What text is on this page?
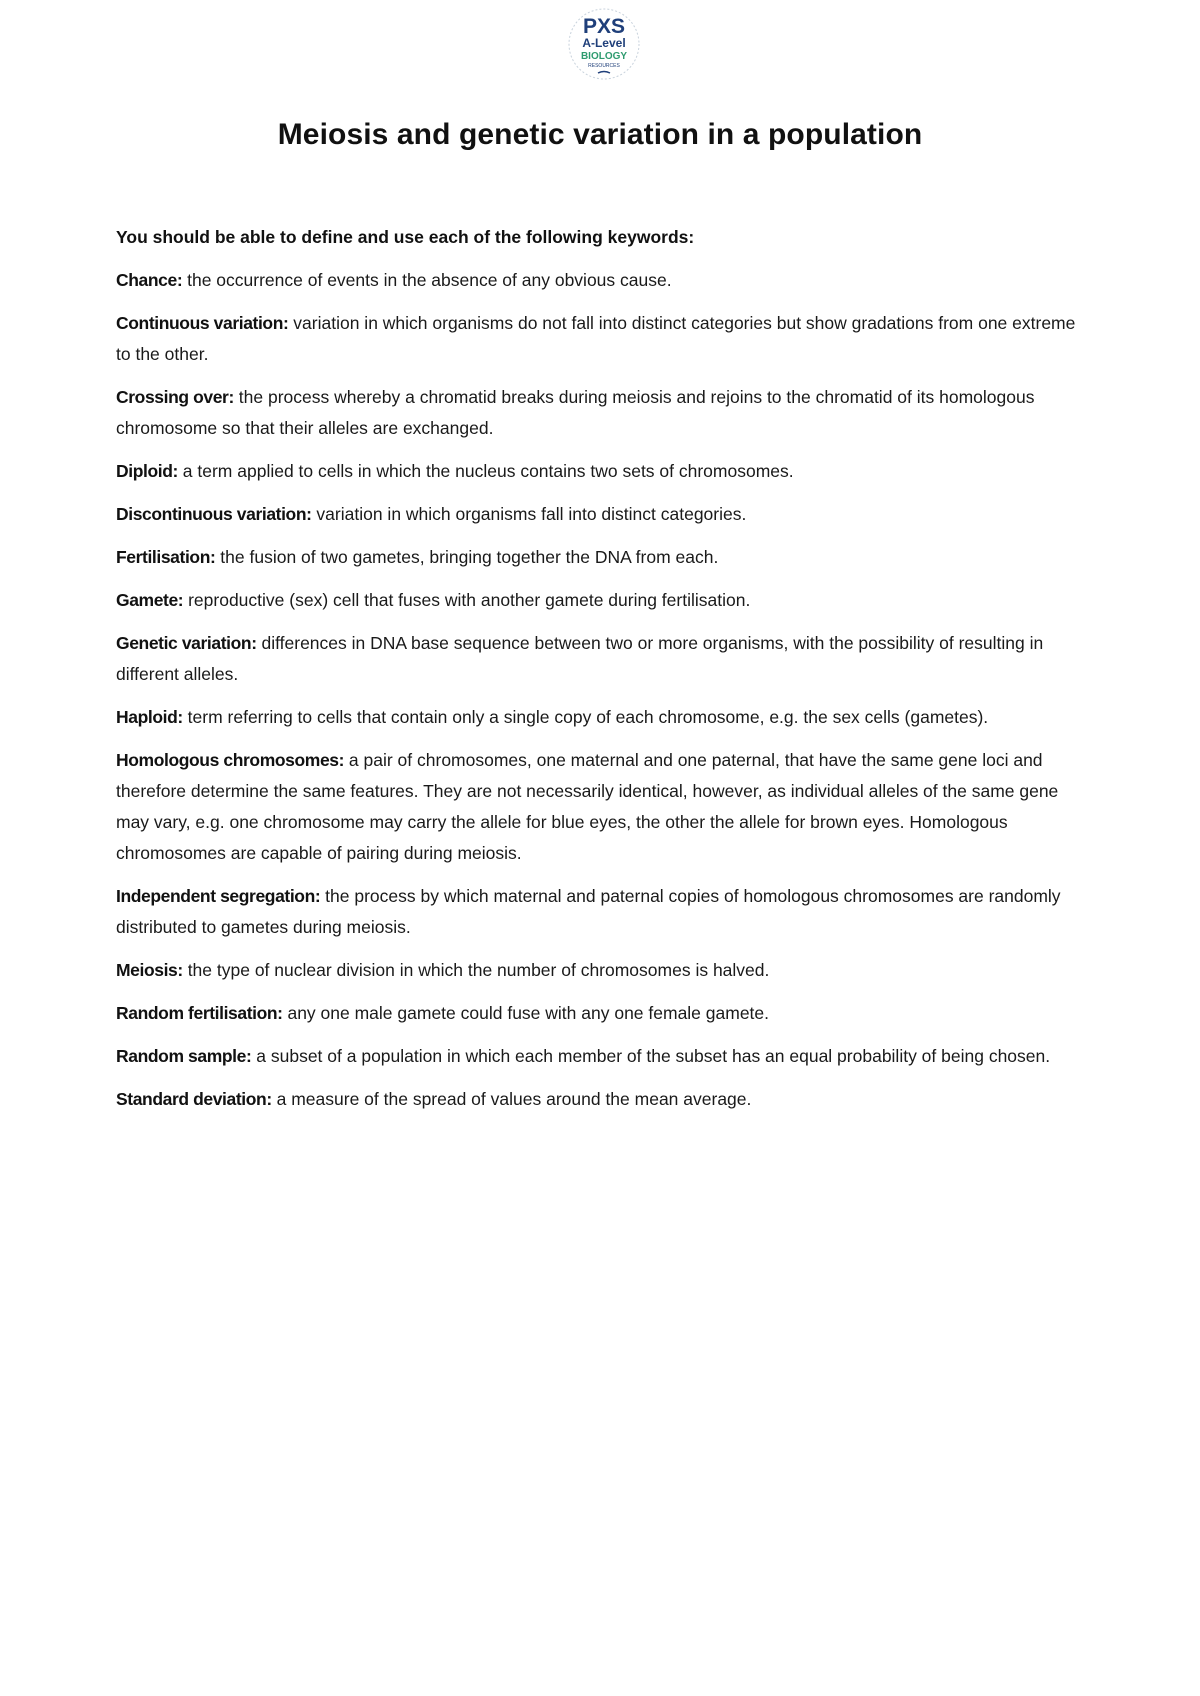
PXS
A-Level
BIOLOGY
RESOURCES
Meiosis and genetic variation in a population

You should be able to define and use each of the following keywords:

Chance: the occurrence of events in the absence of any obvious cause.

Continuous variation: variation in which organisms do not fall into distinct categories but show gradations from one extreme to the other.

Crossing over: the process whereby a chromatid breaks during meiosis and rejoins to the chromatid of its homologous chromosome so that their alleles are exchanged.

Diploid: a term applied to cells in which the nucleus contains two sets of chromosomes.

Discontinuous variation: variation in which organisms fall into distinct categories.

Fertilisation: the fusion of two gametes, bringing together the DNA from each.

Gamete: reproductive (sex) cell that fuses with another gamete during fertilisation.

Genetic variation: differences in DNA base sequence between two or more organisms, with the possibility of resulting in different alleles.

Haploid: term referring to cells that contain only a single copy of each chromosome, e.g. the sex cells (gametes).

Homologous chromosomes: a pair of chromosomes, one maternal and one paternal, that have the same gene loci and therefore determine the same features. They are not necessarily identical, however, as individual alleles of the same gene may vary, e.g. one chromosome may carry the allele for blue eyes, the other the allele for brown eyes. Homologous chromosomes are capable of pairing during meiosis.

Independent segregation: the process by which maternal and paternal copies of homologous chromosomes are randomly distributed to gametes during meiosis.

Meiosis: the type of nuclear division in which the number of chromosomes is halved.

Random fertilisation: any one male gamete could fuse with any one female gamete.

Random sample: a subset of a population in which each member of the subset has an equal probability of being chosen.

Standard deviation: a measure of the spread of values around the mean average.
